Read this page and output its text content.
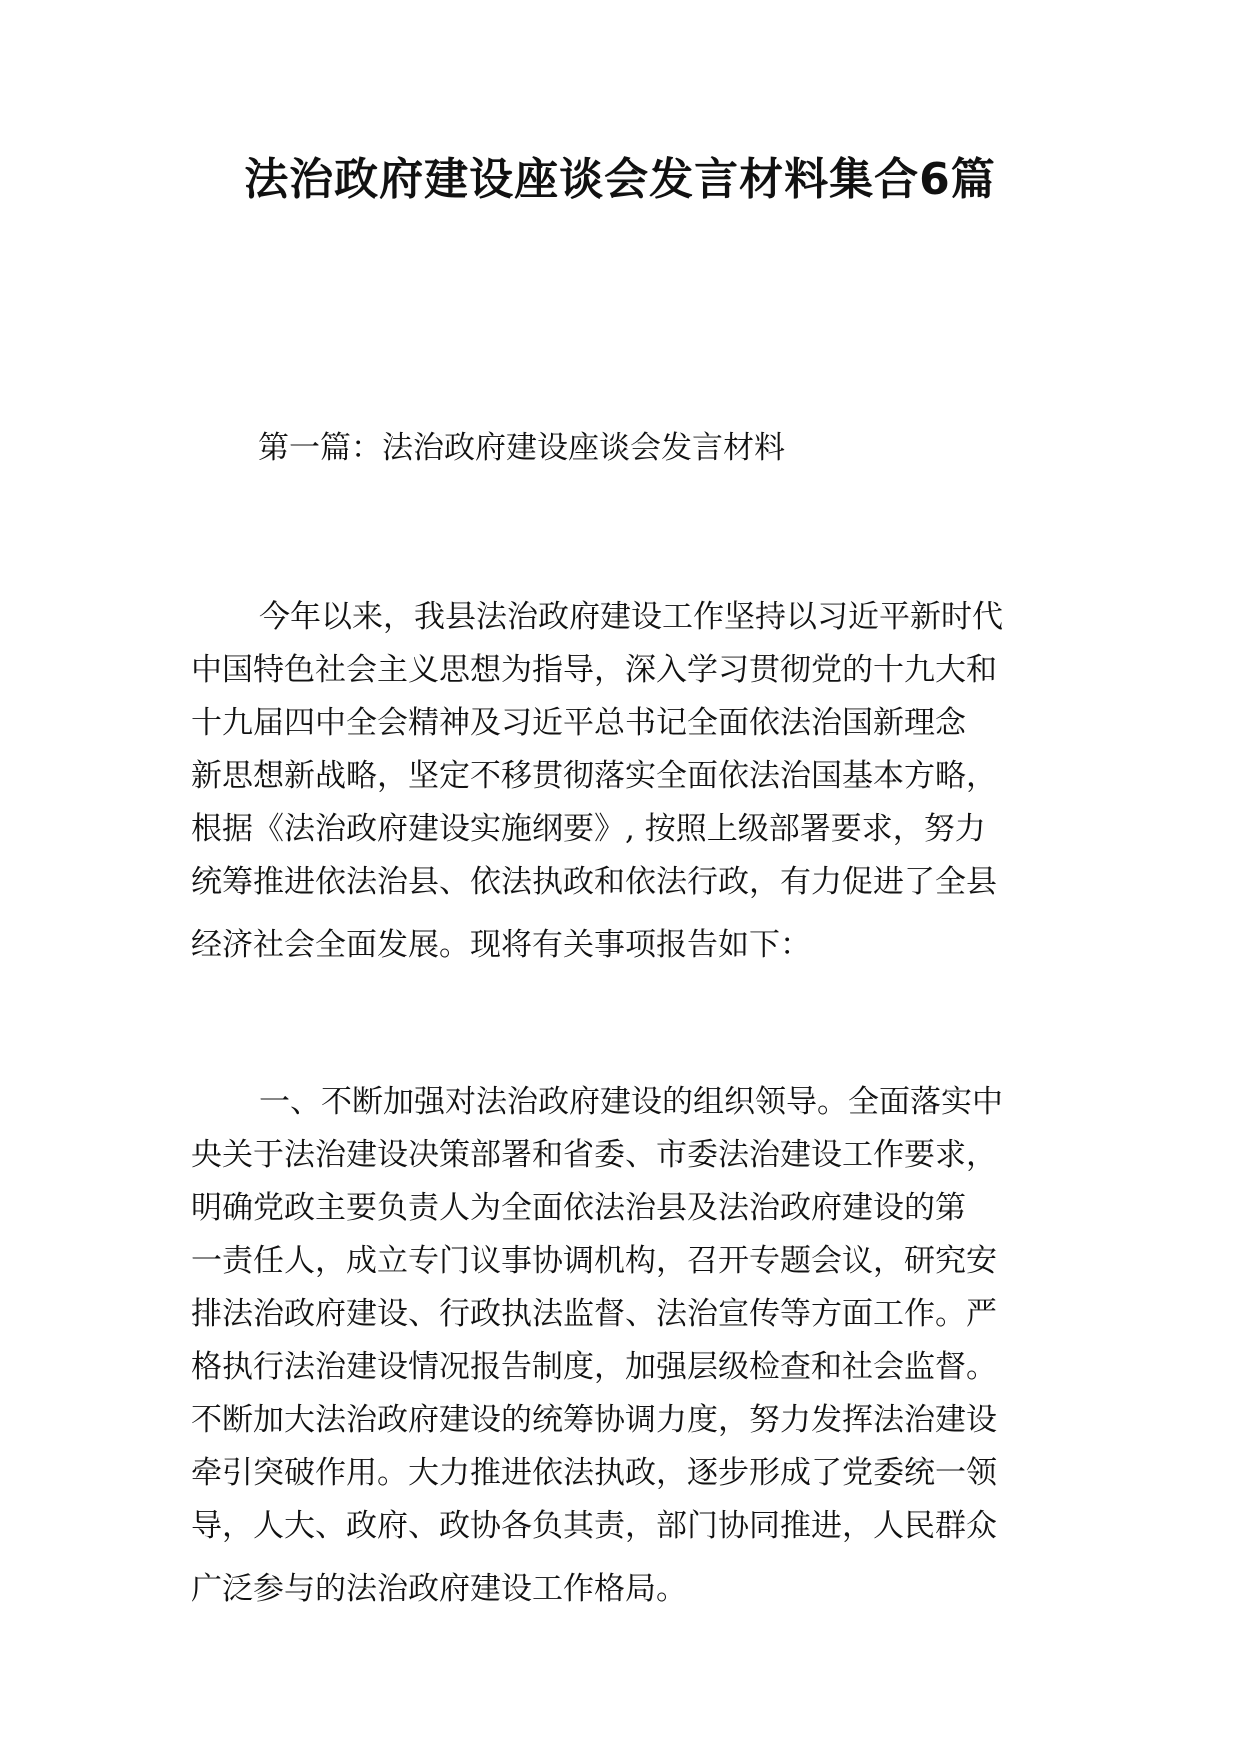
法治政府建设座谈会发言材料集合6篇
第一篇：法治政府建设座谈会发言材料
今年以来，我县法治政府建设工作坚持以习近平新时代
中国特色社会主义思想为指导，深入学习贯彻党的十九大和
十九届四中全会精神及习近平总书记全面依法治国新理念
新思想新战略，坚定不移贯彻落实全面依法治国基本方略，
根据《法治政府建设实施纲要》, 按照上级部署要求，努力
统筹推进依法治县、依法执政和依法行政，有力促进了全县
经济社会全面发展。现将有关事项报告如下：
一、不断加强对法治政府建设的组织领导。全面落实中
央关于法治建设决策部署和省委、市委法治建设工作要求，
明确党政主要负责人为全面依法治县及法治政府建设的第
一责任人，成立专门议事协调机构，召开专题会议，研究安
排法治政府建设、行政执法监督、法治宣传等方面工作。严
格执行法治建设情况报告制度，加强层级检查和社会监督。
不断加大法治政府建设的统筹协调力度，努力发挥法治建设
牵引突破作用。大力推进依法执政，逐步形成了党委统一领
导，人大、政府、政协各负其责，部门协同推进，人民群众
广泛参与的法治政府建设工作格局。
